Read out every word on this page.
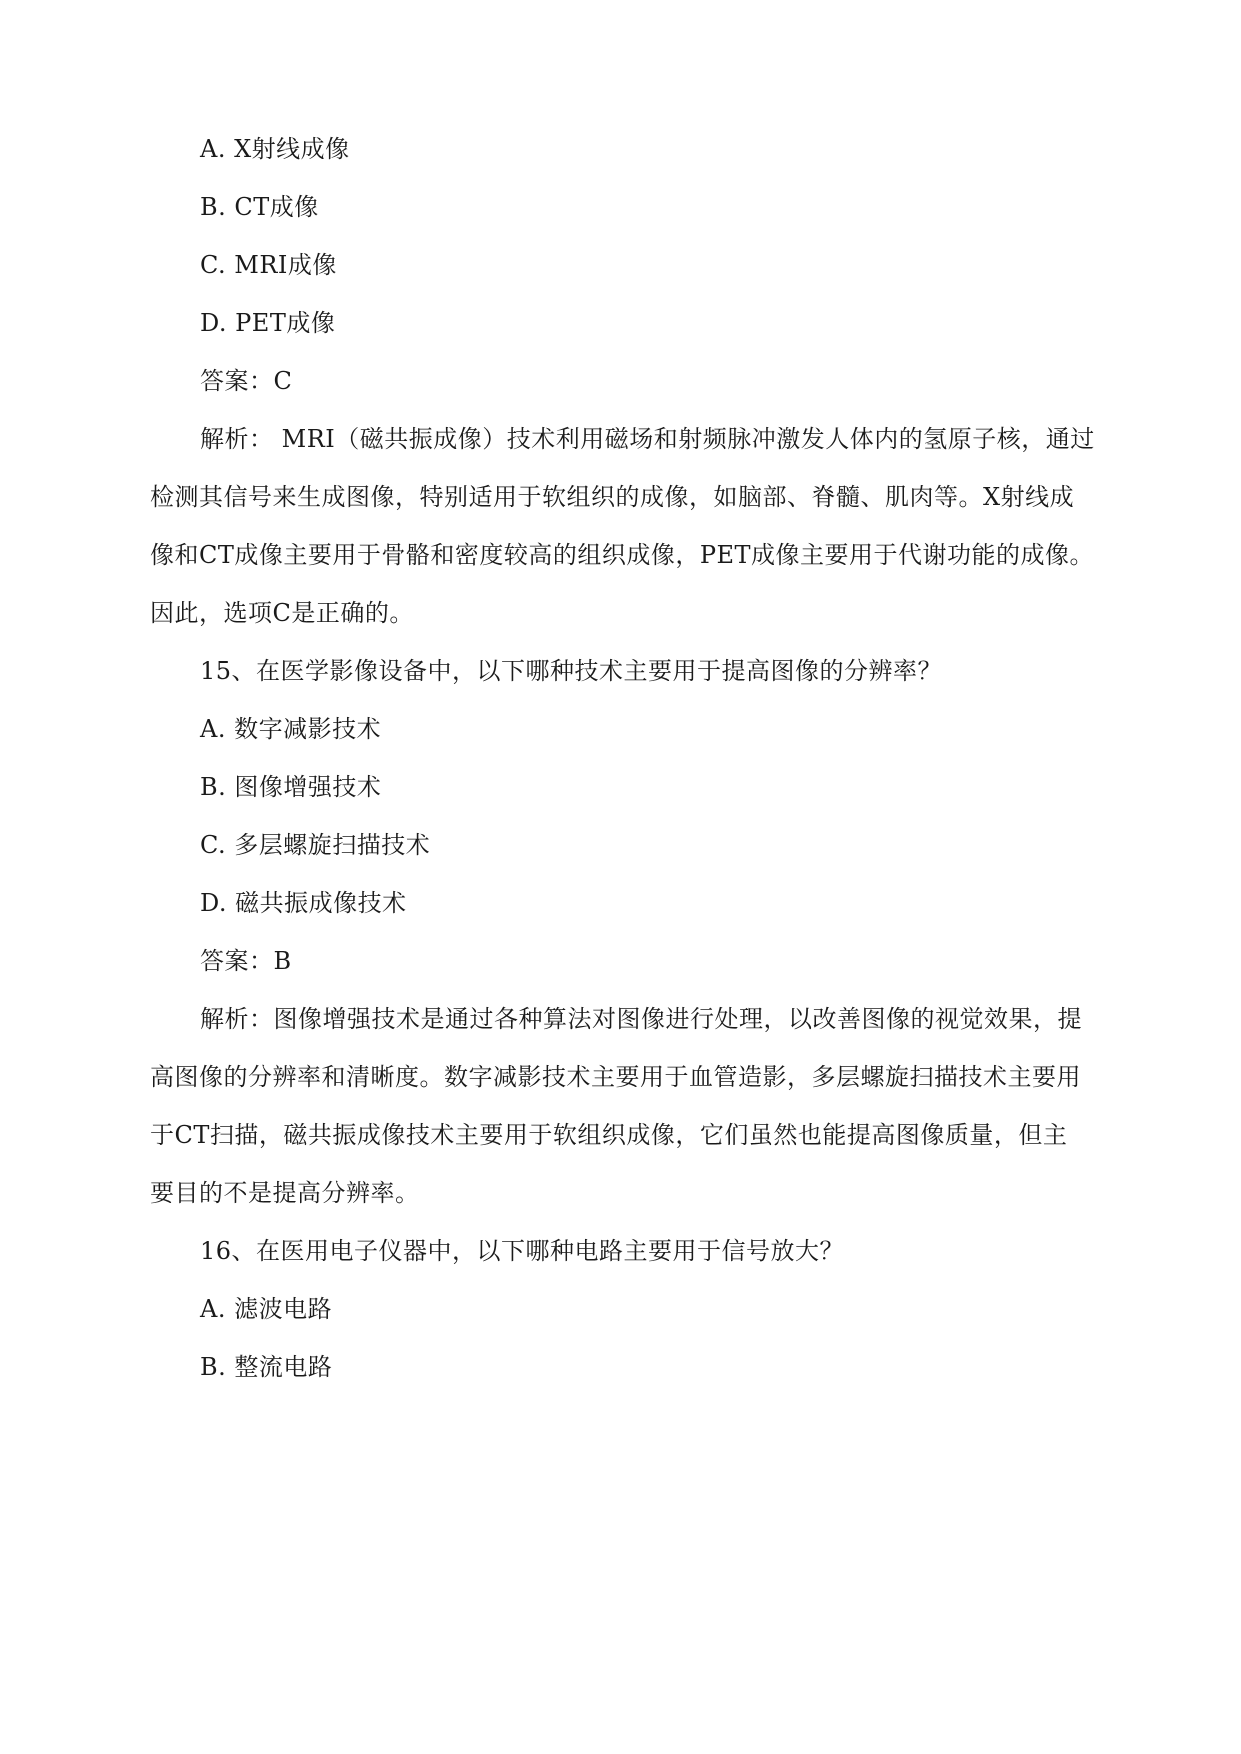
A. X射线成像
B. CT成像
C. MRI成像
D. PET成像
答案：C
解析： MRI（磁共振成像）技术利用磁场和射频脉冲激发人体内的氢原子核，通过
检测其信号来生成图像，特别适用于软组织的成像，如脑部、脊髓、肌肉等。X射线成
像和CT成像主要用于骨骼和密度较高的组织成像，PET成像主要用于代谢功能的成像。
因此，选项C是正确的。
15、在医学影像设备中，以下哪种技术主要用于提高图像的分辨率？
A. 数字减影技术
B. 图像增强技术
C. 多层螺旋扫描技术
D. 磁共振成像技术
答案：B
解析：图像增强技术是通过各种算法对图像进行处理，以改善图像的视觉效果，提
高图像的分辨率和清晰度。数字减影技术主要用于血管造影，多层螺旋扫描技术主要用
于CT扫描，磁共振成像技术主要用于软组织成像，它们虽然也能提高图像质量，但主
要目的不是提高分辨率。
16、在医用电子仪器中，以下哪种电路主要用于信号放大？
A. 滤波电路
B. 整流电路
